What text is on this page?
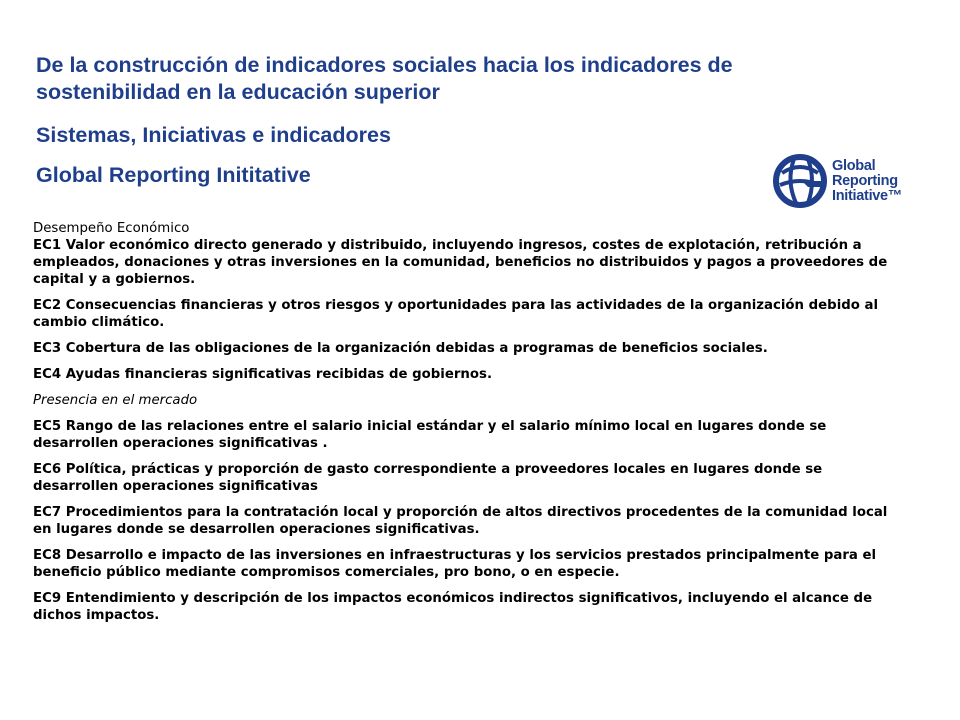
De la construcción de indicadores sociales hacia los indicadores de sostenibilidad en la educación superior
Sistemas, Iniciativas e indicadores
Global Reporting Inititative	Global
Reporting
Initiative™

Desempeño Económico

EC1 Valor económico directo generado y distribuido, incluyendo ingresos, costes de explotación, retribución a empleados, donaciones y otras inversiones en la comunidad, beneficios no distribuidos y pagos a proveedores de capital y a gobiernos.

EC2 Consecuencias financieras y otros riesgos y oportunidades para las actividades de la organización debido al cambio climático.

EC3 Cobertura de las obligaciones de la organización debidas a programas de beneficios sociales.

EC4 Ayudas financieras significativas recibidas de gobiernos.

Presencia en el mercado

EC5 Rango de las relaciones entre el salario inicial estándar y el salario mínimo local en lugares donde se desarrollen operaciones significativas .

EC6 Política, prácticas y proporción de gasto correspondiente a proveedores locales en lugares donde se desarrollen operaciones significativas

EC7 Procedimientos para la contratación local y proporción de altos directivos procedentes de la comunidad local en lugares donde se desarrollen operaciones significativas.

EC8 Desarrollo e impacto de las inversiones en infraestructuras y los servicios prestados principalmente para el beneficio público mediante compromisos comerciales, pro bono, o en especie.

EC9 Entendimiento y descripción de los impactos económicos indirectos significativos, incluyendo el alcance de dichos impactos.
